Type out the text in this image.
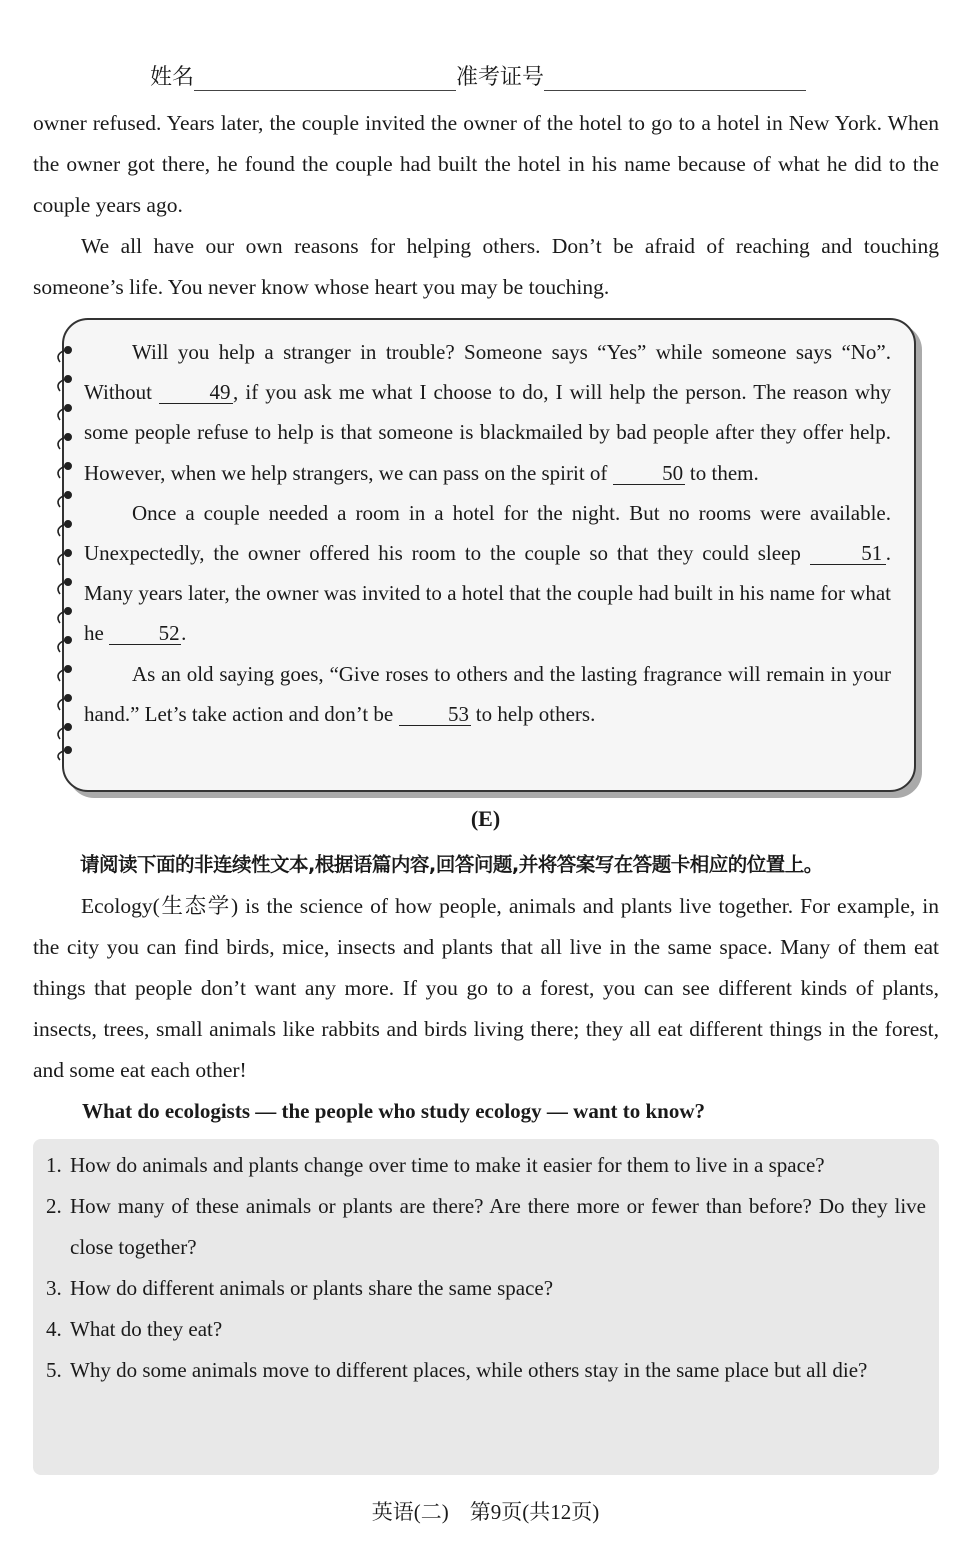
姓名	准考证号
owner refused. Years later, the couple invited the owner of the hotel to go to a hotel in New York. When the owner got there, he found the couple had built the hotel in his name because of what he did to the couple years ago.
We all have our own reasons for helping others. Don’t be afraid of reaching and touching someone’s life. You never know whose heart you may be touching.
Will you help a stranger in trouble? Someone says “Yes” while someone says “No”. Without 49 , if you ask me what I choose to do, I will help the person. The reason why some people refuse to help is that someone is blackmailed by bad people after they offer help. However, when we help strangers, we can pass on the spirit of 50 to them.
Once a couple needed a room in a hotel for the night. But no rooms were available. Unexpectedly, the owner offered his room to the couple so that they could sleep 51 . Many years later, the owner was invited to a hotel that the couple had built in his name for what he 52.
As an old saying goes, “Give roses to others and the lasting fragrance will remain in your hand.” Let’s take action and don’t be 53 to help others.
(E)
请阅读下面的非连续性文本,根据语篇内容,回答问题,并将答案写在答题卡相应的位置上。
Ecology(生态学) is the science of how people, animals and plants live together. For example, in the city you can find birds, mice, insects and plants that all live in the same space. Many of them eat things that people don’t want any more. If you go to a forest, you can see different kinds of plants, insects, trees, small animals like rabbits and birds living there; they all eat different things in the forest, and some eat each other!
What do ecologists — the people who study ecology — want to know?
1. How do animals and plants change over time to make it easier for them to live in a space?
2. How many of these animals or plants are there? Are there more or fewer than before? Do they live close together?
3. How do different animals or plants share the same space?
4. What do they eat?
5. Why do some animals move to different places, while others stay in the same place but all die?
英语(二)　第9页(共12页)
